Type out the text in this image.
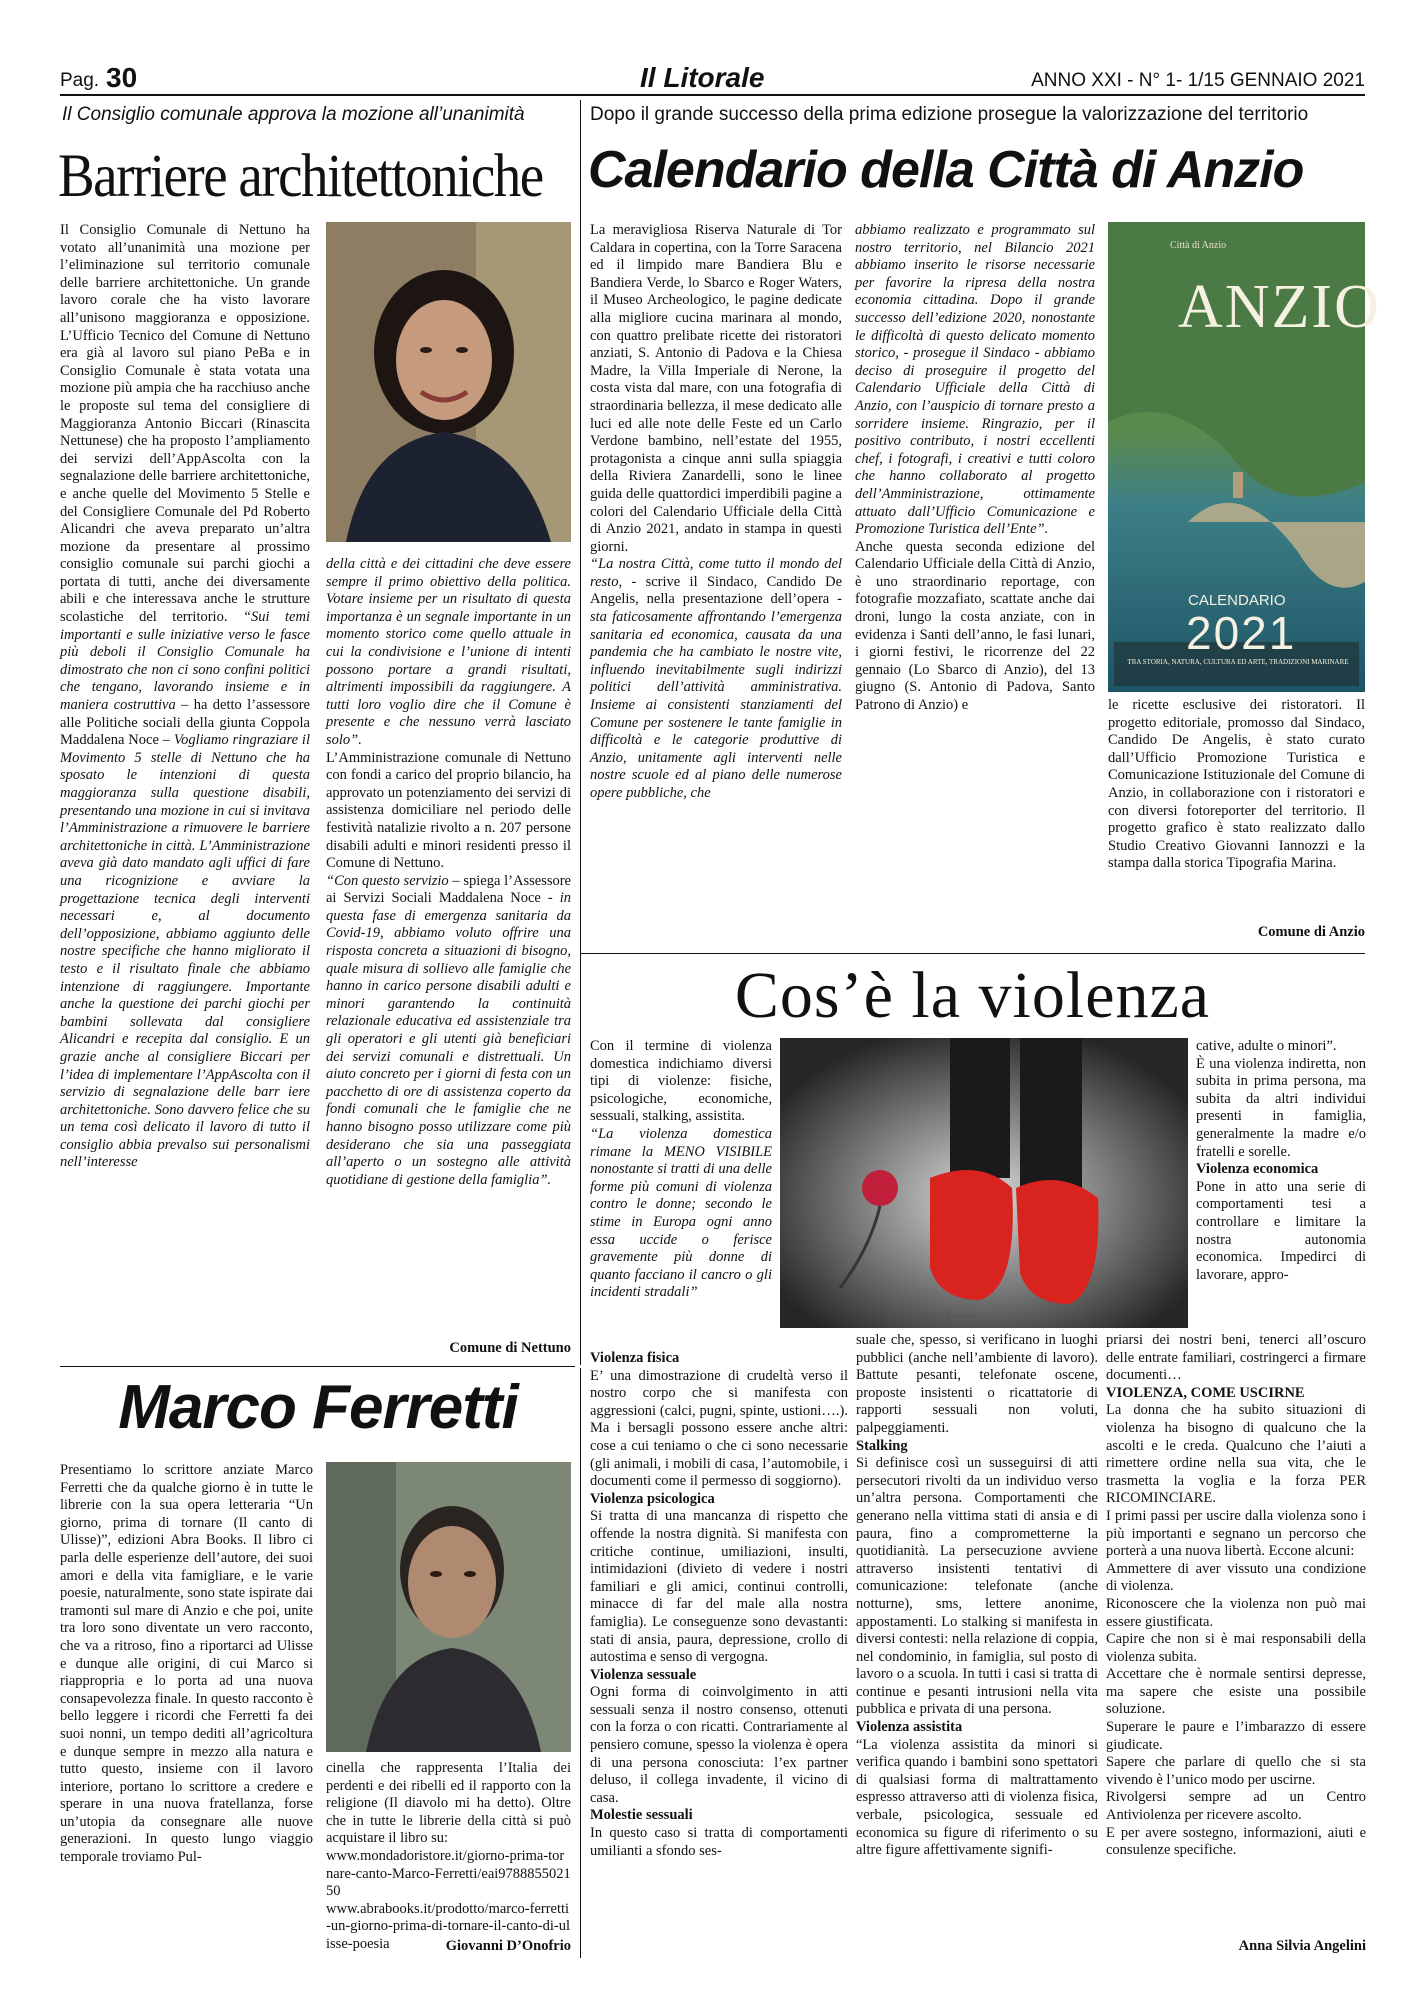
Pag. 30	Il Litorale	ANNO XXI - N° 1- 1/15 GENNAIO 2021
Il Consiglio comunale approva la mozione all’unanimità
Barriere architettoniche
Il Consiglio Comunale di Nettuno ha votato all’unanimità una mozione per l’eliminazione sul territorio comunale delle barriere architettoniche. Un grande lavoro corale che ha visto lavorare all’unisono maggioranza e opposizione. L’Ufficio Tecnico del Comune di Nettuno era già al lavoro sul piano PeBa e in Consiglio Comunale è stata votata una mozione più ampia che ha racchiuso anche le proposte sul tema del consigliere di Maggioranza Antonio Biccari (Rinascita Nettunese) che ha proposto l’ampliamento dei servizi dell’AppAscolta con la segnalazione delle barriere architettoniche, e anche quelle del Movimento 5 Stelle e del Consigliere Comunale del Pd Roberto Alicandri che aveva preparato un’altra mozione da presentare al prossimo consiglio comunale sui parchi giochi a portata di tutti, anche dei diversamente abili e che interessava anche le strutture scolastiche del territorio. “Sui temi importanti e sulle iniziative verso le fasce più deboli il Consiglio Comunale ha dimostrato che non ci sono confini politici che tengano, lavorando insieme e in maniera costruttiva – ha detto l’assessore alle Politiche sociali della giunta Coppola Maddalena Noce – Vogliamo ringraziare il Movimento 5 stelle di Nettuno che ha sposato le intenzioni di questa maggioranza sulla questione disabili, presentando una mozione in cui si invitava l’Amministrazione a rimuovere le barriere architettoniche in città. L’Amministrazione aveva già dato mandato agli uffici di fare una ricognizione e avviare la progettazione tecnica degli interventi necessari e, al documento dell’opposizione, abbiamo aggiunto delle nostre specifiche che hanno migliorato il testo e il risultato finale che abbiamo intenzione di raggiungere. Importante anche la questione dei parchi giochi per bambini sollevata dal consigliere Alicandri e recepita dal consiglio. E un grazie anche al consigliere Biccari per l’idea di implementare l’AppAscolta con il servizio di segnalazione delle barr iere architettoniche. Sono davvero felice che su un tema così delicato il lavoro di tutto il consiglio abbia prevalso sui personalismi nell’interesse
della città e dei cittadini che deve essere sempre il primo obiettivo della politica. Votare insieme per un risultato di questa importanza è un segnale importante in un momento storico come quello attuale in cui la condivisione e l’unione di intenti possono portare a grandi risultati, altrimenti impossibili da raggiungere. A tutti loro voglio dire che il Comune è presente e che nessuno verrà lasciato solo”.
L’Amministrazione comunale di Nettuno con fondi a carico del proprio bilancio, ha approvato un potenziamento dei servizi di assistenza domiciliare nel periodo delle festività natalizie rivolto a n. 207 persone disabili adulti e minori residenti presso il Comune di Nettuno.
“Con questo servizio – spiega l’Assessore ai Servizi Sociali Maddalena Noce - in questa fase di emergenza sanitaria da Covid-19, abbiamo voluto offrire una risposta concreta a situazioni di bisogno, quale misura di sollievo alle famiglie che hanno in carico persone disabili adulti e minori garantendo la continuità relazionale educativa ed assistenziale tra gli operatori e gli utenti già beneficiari dei servizi comunali e distrettuali. Un aiuto concreto per i giorni di festa con un pacchetto di ore di assistenza coperto da fondi comunali che le famiglie che ne hanno bisogno posso utilizzare come più desiderano che sia una passeggiata all’aperto o un sostegno alle attività quotidiane di gestione della famiglia”.
Comune di Nettuno
Dopo il grande successo della prima edizione prosegue la valorizzazione del territorio
Calendario della Città di Anzio
La meravigliosa Riserva Naturale di Tor Caldara in copertina, con la Torre Saracena ed il limpido mare Bandiera Blu e Bandiera Verde, lo Sbarco e Roger Waters, il Museo Archeologico, le pagine dedicate alla migliore cucina marinara al mondo, con quattro prelibate ricette dei ristoratori anziati, S. Antonio di Padova e la Chiesa Madre, la Villa Imperiale di Nerone, la costa vista dal mare, con una fotografia di straordinaria bellezza, il mese dedicato alle luci ed alle note delle Feste ed un Carlo Verdone bambino, nell’estate del 1955, protagonista a cinque anni sulla spiaggia della Riviera Zanardelli, sono le linee guida delle quattordici imperdibili pagine a colori del Calendario Ufficiale della Città di Anzio 2021, andato in stampa in questi giorni.
“La nostra Città, come tutto il mondo del resto, - scrive il Sindaco, Candido De Angelis, nella presentazione dell’opera - sta faticosamente affrontando l’emergenza sanitaria ed economica, causata da una pandemia che ha cambiato le nostre vite, influendo inevitabilmente sugli indirizzi politici dell’attività amministrativa. Insieme ai consistenti stanziamenti del Comune per sostenere le tante famiglie in difficoltà e le categorie produttive di Anzio, unitamente agli interventi nelle nostre scuole ed al piano delle numerose opere pubbliche, che
abbiamo realizzato e programmato sul nostro territorio, nel Bilancio 2021 abbiamo inserito le risorse necessarie per favorire la ripresa della nostra economia cittadina. Dopo il grande successo dell’edizione 2020, nonostante le difficoltà di questo delicato momento storico, - prosegue il Sindaco - abbiamo deciso di proseguire il progetto del Calendario Ufficiale della Città di Anzio, con l’auspicio di tornare presto a sorridere insieme. Ringrazio, per il positivo contributo, i nostri eccellenti chef, i fotografi, i creativi e tutti coloro che hanno collaborato al progetto dell’Amministrazione, ottimamente attuato dall’Ufficio Comunicazione e Promozione Turistica dell’Ente”.
Anche questa seconda edizione del Calendario Ufficiale della Città di Anzio, è uno straordinario reportage, con fotografie mozzafiato, scattate anche dai droni, lungo la costa anziate, con in evidenza i Santi dell’anno, le fasi lunari, i giorni festivi, le ricorrenze del 22 gennaio (Lo Sbarco di Anzio), del 13 giugno (S. Antonio di Padova, Santo Patrono di Anzio) e
Città di Anzio
ANZIO
CALENDARIO
2021
TRA STORIA, NATURA, CULTURA ED ARTE, TRADIZIONI MARINARE
le ricette esclusive dei ristoratori. Il progetto editoriale, promosso dal Sindaco, Candido De Angelis, è stato curato dall’Ufficio Promozione Turistica e Comunicazione Istituzionale del Comune di Anzio, in collaborazione con i ristoratori e con diversi fotoreporter del territorio. Il progetto grafico è stato realizzato dallo Studio Creativo Giovanni Iannozzi e la stampa dalla storica Tipografia Marina.
Comune di Anzio
Cos’è la violenza
Con il termine di violenza domestica indichiamo diversi tipi di violenze: fisiche, psicologiche, economiche, sessuali, stalking, assistita.
“La violenza domestica rimane la MENO VISIBILE nonostante si tratti di una delle forme più comuni di violenza contro le donne; secondo le stime in Europa ogni anno essa uccide o ferisce gravemente più donne di quanto facciano il cancro o gli incidenti stradali”
Marco Ferrante
cative, adulte o minori”.
È una violenza indiretta, non subita in prima persona, ma subita da altri individui presenti in famiglia, generalmente la madre e/o fratelli e sorelle.
Violenza economica
Pone in atto una serie di comportamenti tesi a controllare e limitare la nostra autonomia economica. Impedirci di lavorare, appro-
Violenza fisica
E’ una dimostrazione di crudeltà verso il nostro corpo che si manifesta con aggressioni (calci, pugni, spinte, ustioni….). Ma i bersagli possono essere anche altri: cose a cui teniamo o che ci sono necessarie (gli animali, i mobili di casa, l’automobile, i documenti come il permesso di soggiorno).
Violenza psicologica
Si tratta di una mancanza di rispetto che offende la nostra dignità. Si manifesta con critiche continue, umiliazioni, insulti, intimidazioni (divieto di vedere i nostri familiari e gli amici, continui controlli, minacce di far del male alla nostra famiglia). Le conseguenze sono devastanti: stati di ansia, paura, depressione, crollo di autostima e senso di vergogna.
Violenza sessuale
Ogni forma di coinvolgimento in atti sessuali senza il nostro consenso, ottenuti con la forza o con ricatti. Contrariamente al pensiero comune, spesso la violenza è opera di una persona conosciuta: l’ex partner deluso, il collega invadente, il vicino di casa.
Molestie sessuali
In questo caso si tratta di comportamenti umilianti a sfondo ses-
suale che, spesso, si verificano in luoghi pubblici (anche nell’ambiente di lavoro). Battute pesanti, telefonate oscene, proposte insistenti o ricattatorie di rapporti sessuali non voluti, palpeggiamenti.
Stalking
Si definisce così un susseguirsi di atti persecutori rivolti da un individuo verso un’altra persona. Comportamenti che generano nella vittima stati di ansia e di paura, fino a comprometterne la quotidianità. La persecuzione avviene attraverso insistenti tentativi di comunicazione: telefonate (anche notturne), sms, lettere anonime, appostamenti. Lo stalking si manifesta in diversi contesti: nella relazione di coppia, nel condominio, in famiglia, sul posto di lavoro o a scuola. In tutti i casi si tratta di continue e pesanti intrusioni nella vita pubblica e privata di una persona.
Violenza assistita
“La violenza assistita da minori si verifica quando i bambini sono spettatori di qualsiasi forma di maltrattamento espresso attraverso atti di violenza fisica, verbale, psicologica, sessuale ed economica su figure di riferimento o su altre figure affettivamente signifi-
priarsi dei nostri beni, tenerci all’oscuro delle entrate familiari, costringerci a firmare documenti…
VIOLENZA, COME USCIRNE
La donna che ha subito situazioni di violenza ha bisogno di qualcuno che la ascolti e le creda. Qualcuno che l’aiuti a rimettere ordine nella sua vita, che le trasmetta la voglia e la forza PER RICOMINCIARE.
I primi passi per uscire dalla violenza sono i più importanti e segnano un percorso che porterà a una nuova libertà. Eccone alcuni:
Ammettere di aver vissuto una condizione di violenza.
Riconoscere che la violenza non può mai essere giustificata.
Capire che non si è mai responsabili della violenza subita.
Accettare che è normale sentirsi depresse, ma sapere che esiste una possibile soluzione.
Superare le paure e l’imbarazzo di essere giudicate.
Sapere che parlare di quello che si sta vivendo è l’unico modo per uscirne.
Rivolgersi sempre ad un Centro Antiviolenza per ricevere ascolto.
E per avere sostegno, informazioni, aiuti e consulenze specifiche.
Anna Silvia Angelini
Marco Ferretti
Presentiamo lo scrittore anziate Marco Ferretti che da qualche giorno è in tutte le librerie con la sua opera letteraria “Un giorno, prima di tornare (Il canto di Ulisse)”, edizioni Abra Books. Il libro ci parla delle esperienze dell’autore, dei suoi amori e della vita famigliare, e le varie poesie, naturalmente, sono state ispirate dai tramonti sul mare di Anzio e che poi, unite tra loro sono diventate un vero racconto, che va a ritroso, fino a riportarci ad Ulisse e dunque alle origini, di cui Marco si riappropria e lo porta ad una nuova consapevolezza finale. In questo racconto è bello leggere i ricordi che Ferretti fa dei suoi nonni, un tempo dediti all’agricoltura e dunque sempre in mezzo alla natura e tutto questo, insieme con il lavoro interiore, portano lo scrittore a credere e sperare in una nuova fratellanza, forse un’utopia da consegnare alle nuove generazioni. In questo lungo viaggio temporale troviamo Pul-
cinella che rappresenta l’Italia dei perdenti e dei ribelli ed il rapporto con la religione (Il diavolo mi ha detto). Oltre che in tutte le librerie della città si può acquistare il libro su:
www.mondadoristore.it/giorno-prima-tornare-canto-Marco-Ferretti/eai978885502150
www.abrabooks.it/prodotto/marco-ferretti-un-giorno-prima-di-tornare-il-canto-di-ulisse-poesia	Giovanni D’Onofrio
